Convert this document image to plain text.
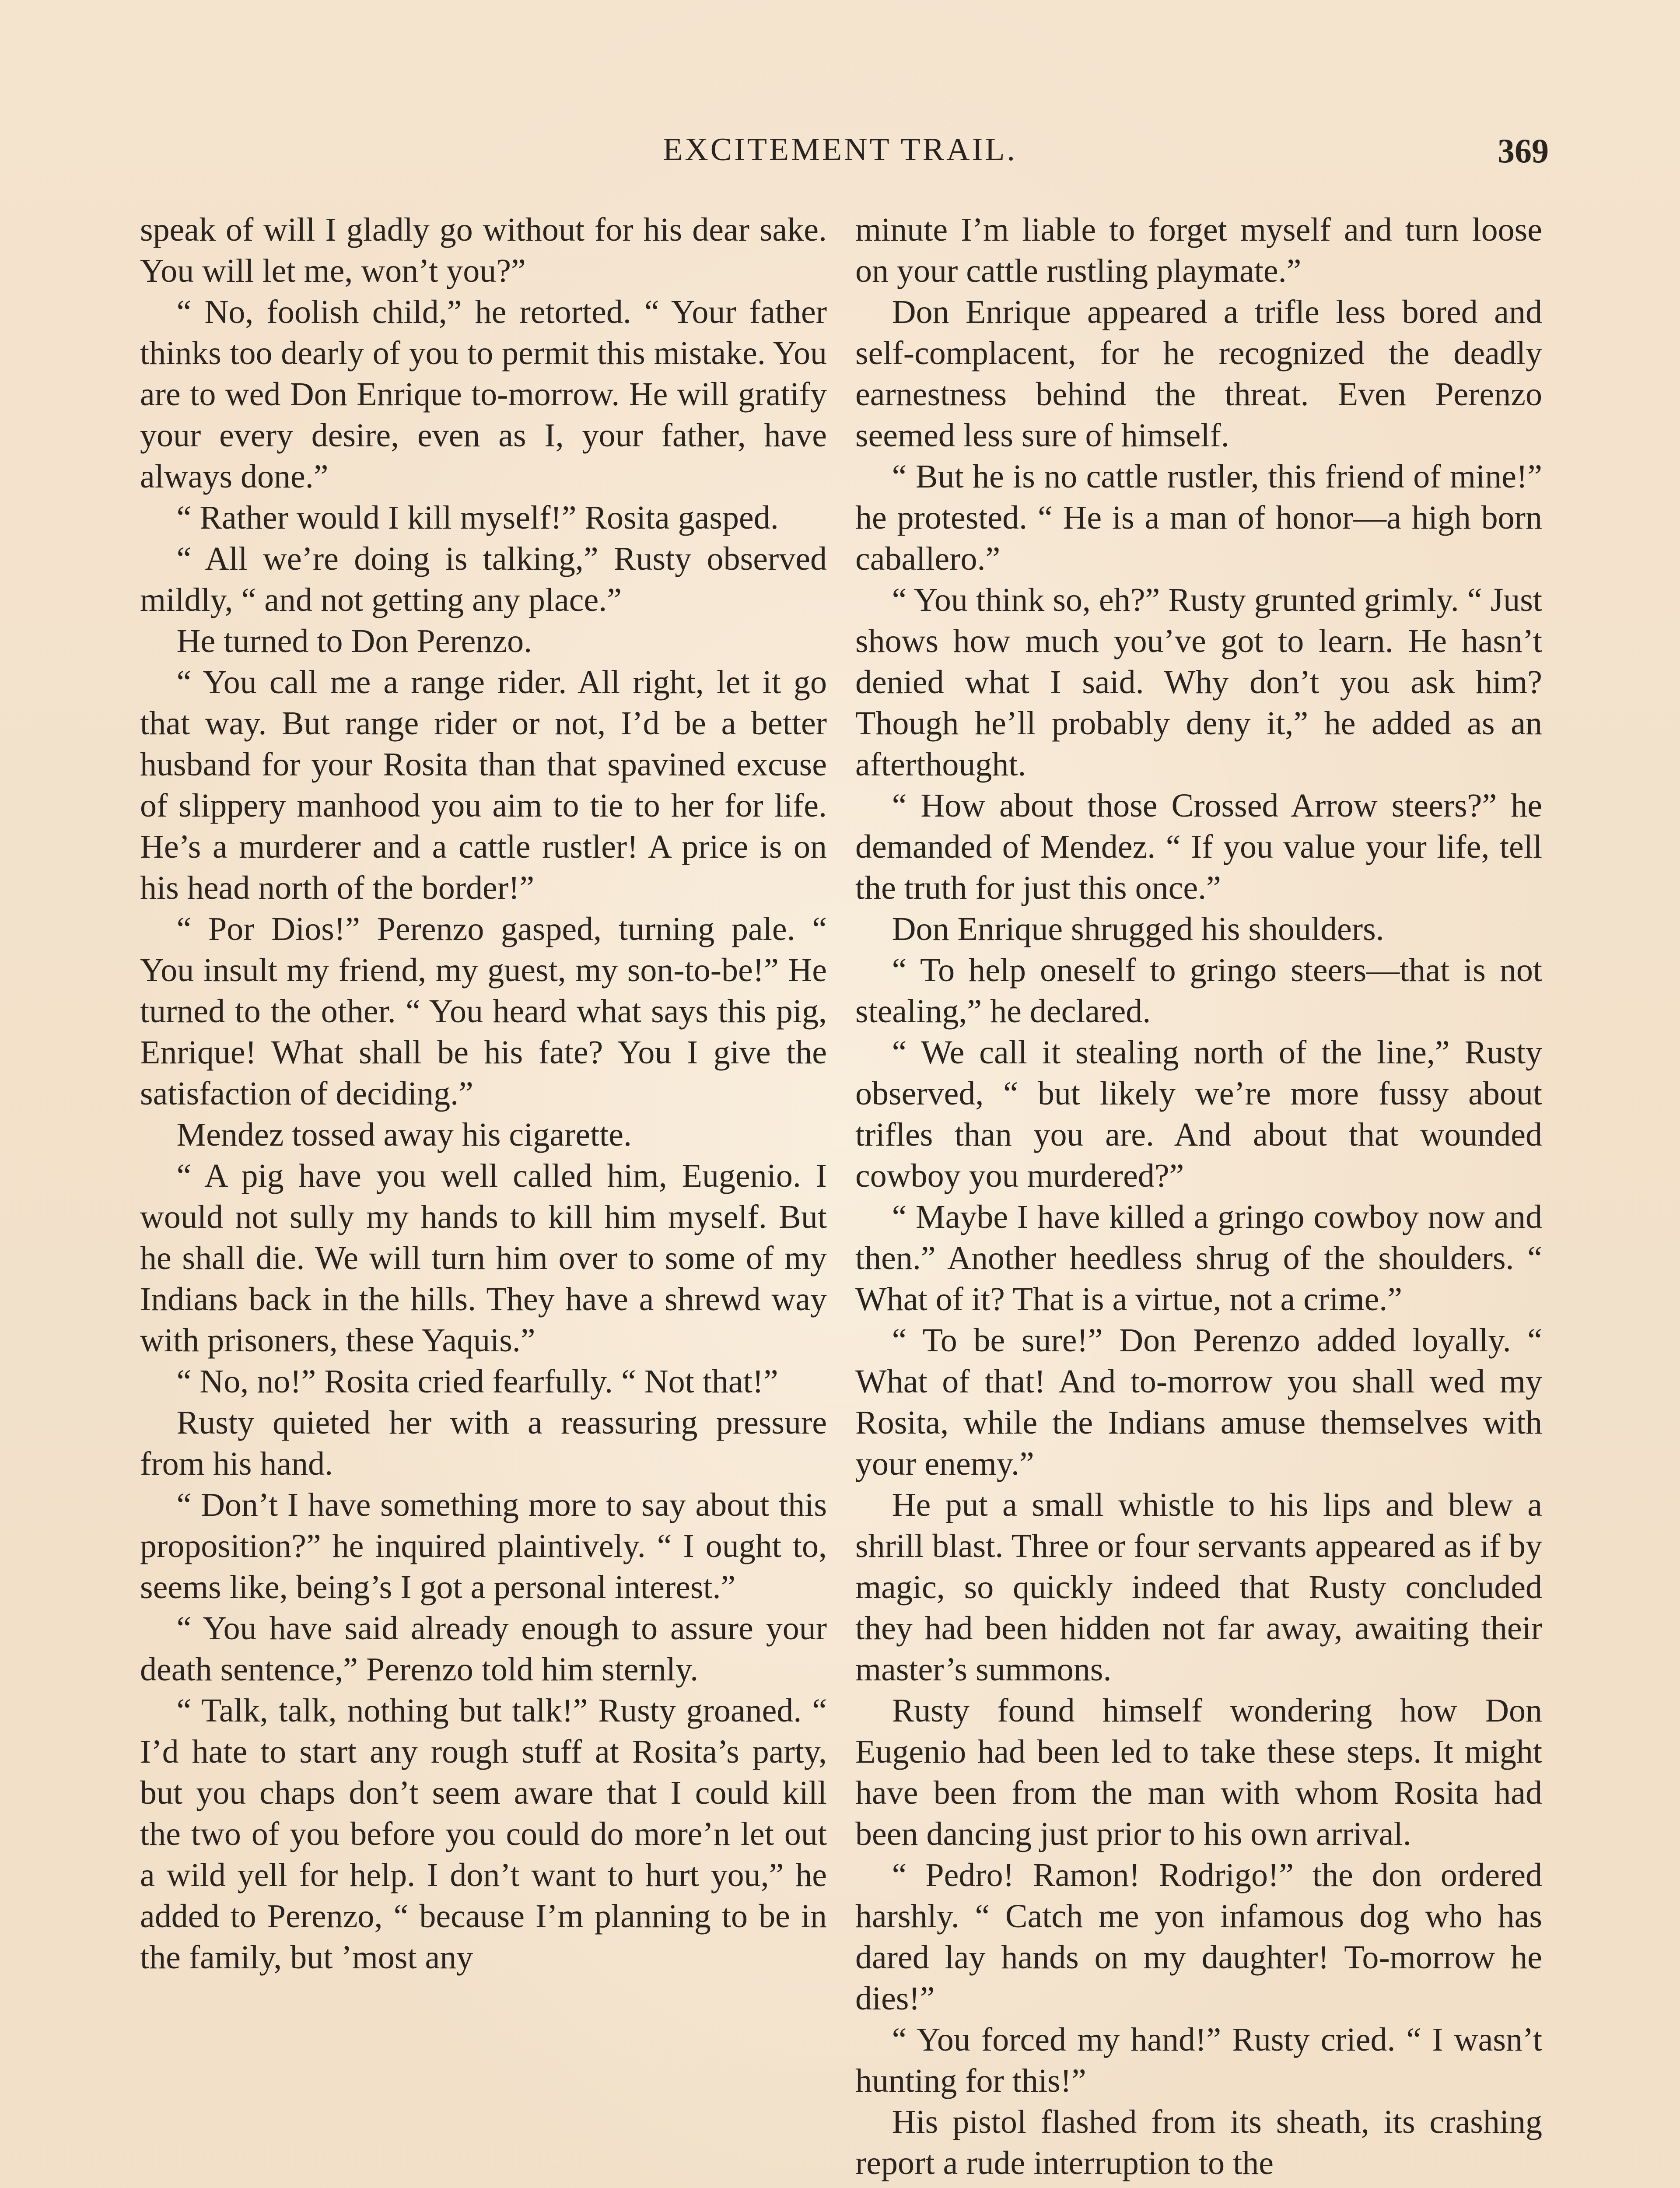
EXCITEMENT TRAIL.	369

speak of will I gladly go without for his dear sake. You will let me, won’t you?”

“ No, foolish child,” he retorted. “ Your father thinks too dearly of you to permit this mistake. You are to wed Don Enrique to-morrow. He will gratify your every desire, even as I, your father, have always done.”

“ Rather would I kill myself!” Rosita gasped.

“ All we’re doing is talking,” Rusty observed mildly, “ and not getting any place.”

He turned to Don Perenzo.

“ You call me a range rider. All right, let it go that way. But range rider or not, I’d be a better husband for your Rosita than that spavined excuse of slippery manhood you aim to tie to her for life. He’s a murderer and a cattle rustler! A price is on his head north of the border!”

“ Por Dios!” Perenzo gasped, turning pale. “ You insult my friend, my guest, my son-to-be!” He turned to the other. “ You heard what says this pig, Enrique! What shall be his fate? You I give the satisfaction of deciding.”

Mendez tossed away his cigarette.

“ A pig have you well called him, Eugenio. I would not sully my hands to kill him myself. But he shall die. We will turn him over to some of my Indians back in the hills. They have a shrewd way with prisoners, these Yaquis.”

“ No, no!” Rosita cried fearfully. “ Not that!”

Rusty quieted her with a reassuring pressure from his hand.

“ Don’t I have something more to say about this proposition?” he inquired plaintively. “ I ought to, seems like, being’s I got a personal interest.”

“ You have said already enough to assure your death sentence,” Perenzo told him sternly.

“ Talk, talk, nothing but talk!” Rusty groaned. “ I’d hate to start any rough stuff at Rosita’s party, but you chaps don’t seem aware that I could kill the two of you before you could do more’n let out a wild yell for help. I don’t want to hurt you,” he added to Perenzo, “ because I’m planning to be in the family, but ’most any

minute I’m liable to forget myself and turn loose on your cattle rustling playmate.”

Don Enrique appeared a trifle less bored and self-complacent, for he recognized the deadly earnestness behind the threat. Even Perenzo seemed less sure of himself.

“ But he is no cattle rustler, this friend of mine!” he protested. “ He is a man of honor—a high born caballero.”

“ You think so, eh?” Rusty grunted grimly. “ Just shows how much you’ve got to learn. He hasn’t denied what I said. Why don’t you ask him? Though he’ll probably deny it,” he added as an afterthought.

“ How about those Crossed Arrow steers?” he demanded of Mendez. “ If you value your life, tell the truth for just this once.”

Don Enrique shrugged his shoulders.

“ To help oneself to gringo steers—that is not stealing,” he declared.

“ We call it stealing north of the line,” Rusty observed, “ but likely we’re more fussy about trifles than you are. And about that wounded cowboy you murdered?”

“ Maybe I have killed a gringo cowboy now and then.” Another heedless shrug of the shoulders. “ What of it? That is a virtue, not a crime.”

“ To be sure!” Don Perenzo added loyally. “ What of that! And to-morrow you shall wed my Rosita, while the Indians amuse themselves with your enemy.”

He put a small whistle to his lips and blew a shrill blast. Three or four servants appeared as if by magic, so quickly indeed that Rusty concluded they had been hidden not far away, awaiting their master’s summons.

Rusty found himself wondering how Don Eugenio had been led to take these steps. It might have been from the man with whom Rosita had been dancing just prior to his own arrival.

“ Pedro! Ramon! Rodrigo!” the don ordered harshly. “ Catch me yon infamous dog who has dared lay hands on my daughter! To-morrow he dies!”

“ You forced my hand!” Rusty cried. “ I wasn’t hunting for this!”

His pistol flashed from its sheath, its crashing report a rude interruption to the
